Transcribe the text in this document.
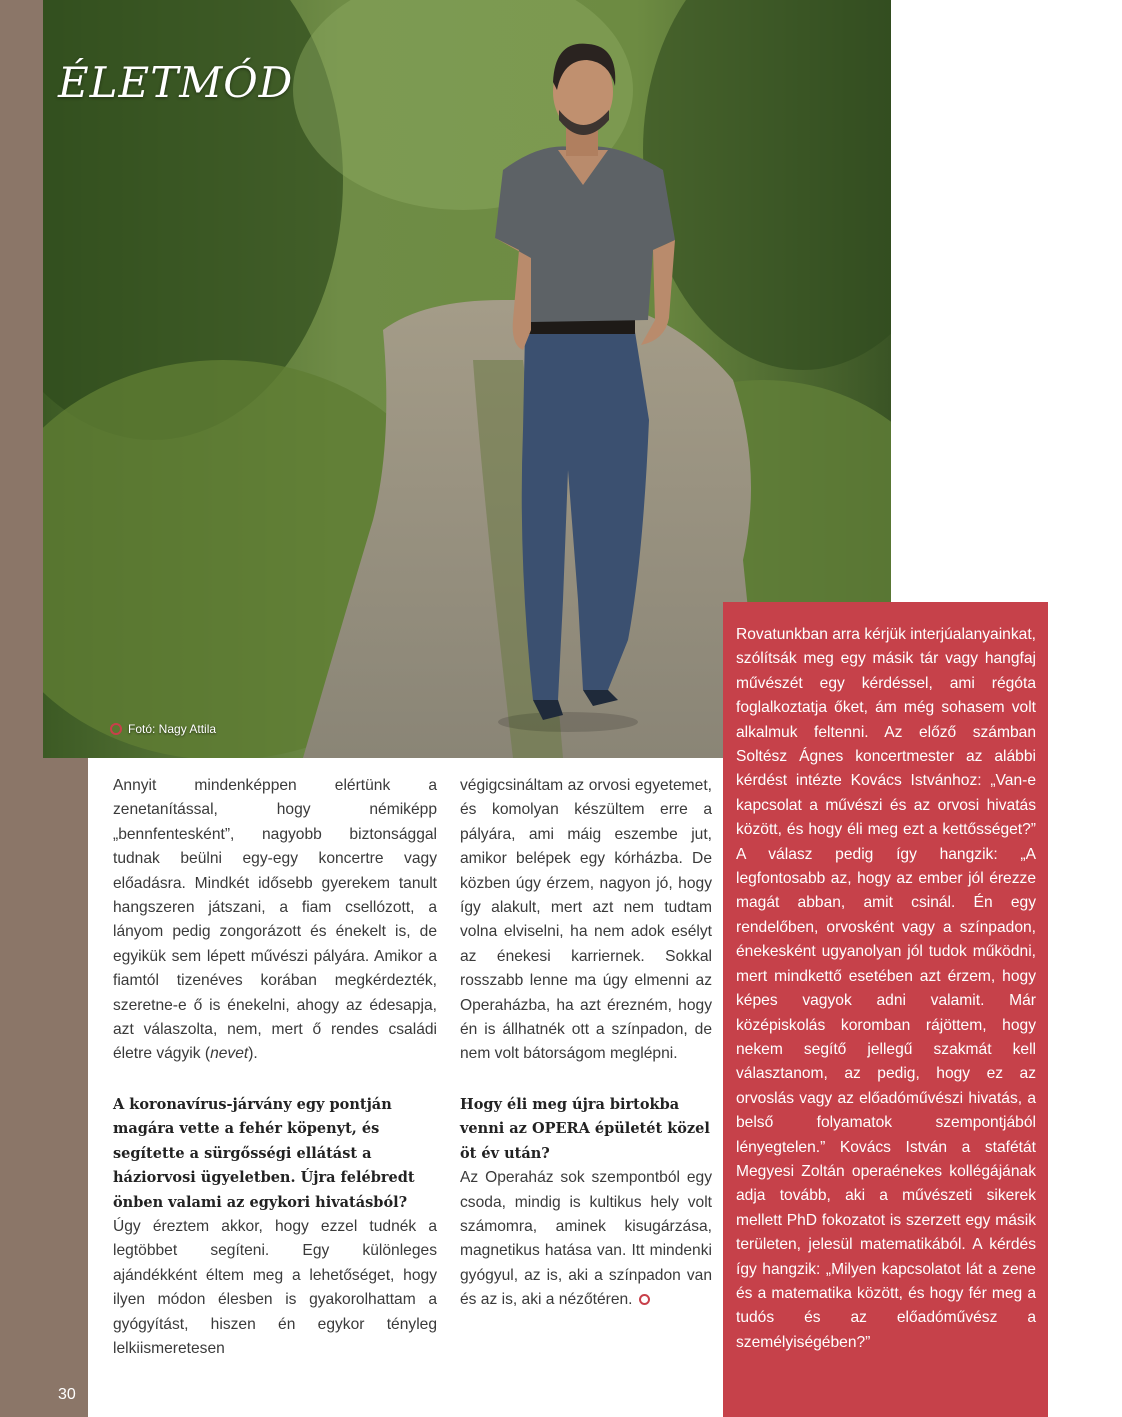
ÉLETMÓD
Fotó: Nagy Attila

Annyit mindenképpen elértünk a zenetanítással, hogy némiképp „bennfentesként”, nagyobb biztonsággal tudnak beülni egy-egy koncertre vagy előadásra. Mindkét idősebb gyerekem tanult hangszeren játszani, a fiam csellózott, a lányom pedig zongorázott és énekelt is, de egyikük sem lépett művészi pályára. Amikor a fiamtól tizenéves korában megkérdezték, szeretne-e ő is énekelni, ahogy az édesapja, azt válaszolta, nem, mert ő rendes családi életre vágyik (nevet).

A koronavírus-járvány egy pontján magára vette a fehér köpenyt, és segítette a sürgősségi ellátást a háziorvosi ügyeletben. Újra felébredt önben valami az egykori hivatásból?

Úgy éreztem akkor, hogy ezzel tudnék a legtöbbet segíteni. Egy különleges ajándékként éltem meg a lehetőséget, hogy ilyen módon élesben is gyakorolhattam a gyógyítást, hiszen én egykor tényleg lelkiismeretesen

végigcsináltam az orvosi egyetemet, és komolyan készültem erre a pályára, ami máig eszembe jut, amikor belépek egy kórházba. De közben úgy érzem, nagyon jó, hogy így alakult, mert azt nem tudtam volna elviselni, ha nem adok esélyt az énekesi karriernek. Sokkal rosszabb lenne ma úgy elmenni az Operaházba, ha azt érezném, hogy én is állhatnék ott a színpadon, de nem volt bátorságom meglépni.

Hogy éli meg újra birtokba venni az OPERA épületét közel öt év után?

Az Operaház sok szempontból egy csoda, mindig is kultikus hely volt számomra, aminek kisugárzása, magnetikus hatása van. Itt mindenki gyógyul, az is, aki a színpadon van és az is, aki a nézőtéren.

Rovatunkban arra kérjük interjúalanyainkat, szólítsák meg egy másik tár vagy hangfaj művészét egy kérdéssel, ami régóta foglalkoztatja őket, ám még sohasem volt alkalmuk feltenni. Az előző számban Soltész Ágnes koncertmester az alábbi kérdést intézte Kovács Istvánhoz: „Van-e kapcsolat a művészi és az orvosi hivatás között, és hogy éli meg ezt a kettősséget?” A válasz pedig így hangzik: „A legfontosabb az, hogy az ember jól érezze magát abban, amit csinál. Én egy rendelőben, orvosként vagy a színpadon, énekesként ugyanolyan jól tudok működni, mert mindkettő esetében azt érzem, hogy képes vagyok adni valamit. Már középiskolás koromban rájöttem, hogy nekem segítő jellegű szakmát kell választanom, az pedig, hogy ez az orvoslás vagy az előadóművészi hivatás, a belső folyamatok szempontjából lényegtelen.” Kovács István a stafétát Megyesi Zoltán operaénekes kollégájának adja tovább, aki a művészeti sikerek mellett PhD fokozatot is szerzett egy másik területen, jelesül matematikából. A kérdés így hangzik: „Milyen kapcsolatot lát a zene és a matematika között, és hogy fér meg a tudós és az előadóművész a személyiségében?”

30
